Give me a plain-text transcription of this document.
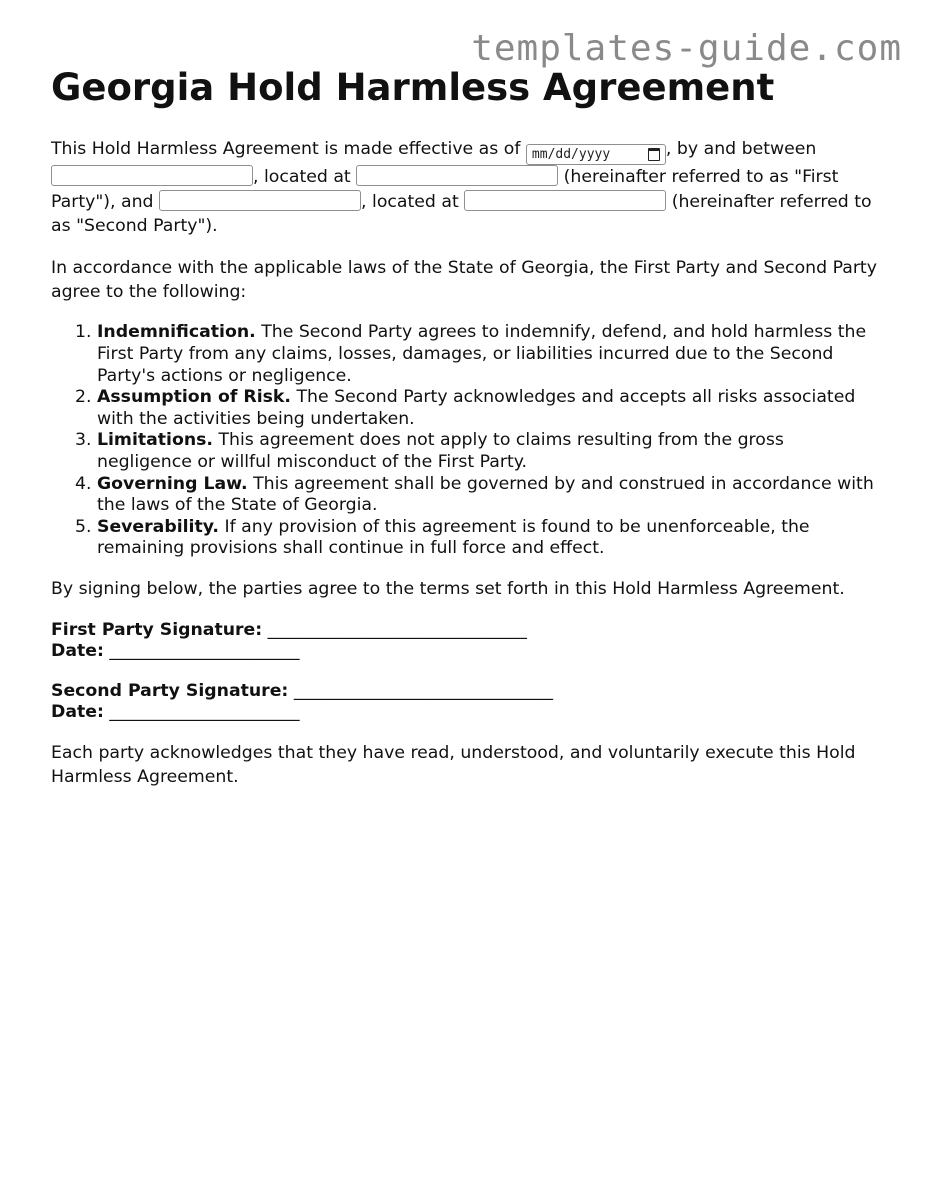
templates-guide.com
Georgia Hold Harmless Agreement

This Hold Harmless Agreement is made effective as of mm/dd/yyyy	, by and between , located at	(hereinafter referred to as "First Party"), and	, located at	(hereinafter referred to as "Second Party").

In accordance with the applicable laws of the State of Georgia, the First Party and Second Party agree to the following:

1. Indemnification. The Second Party agrees to indemnify, defend, and hold harmless the First Party from any claims, losses, damages, or liabilities incurred due to the Second Party's actions or negligence.
2. Assumption of Risk. The Second Party acknowledges and accepts all risks associated with the activities being undertaken.
3. Limitations. This agreement does not apply to claims resulting from the gross negligence or willful misconduct of the First Party.
4. Governing Law. This agreement shall be governed by and construed in accordance with the laws of the State of Georgia.
5. Severability. If any provision of this agreement is found to be unenforceable, the remaining provisions shall continue in full force and effect.

By signing below, the parties agree to the terms set forth in this Hold Harmless Agreement.

First Party Signature: ______________________________
Date: ______________________
Second Party Signature: ______________________________
Date: ______________________

Each party acknowledges that they have read, understood, and voluntarily execute this Hold Harmless Agreement.
